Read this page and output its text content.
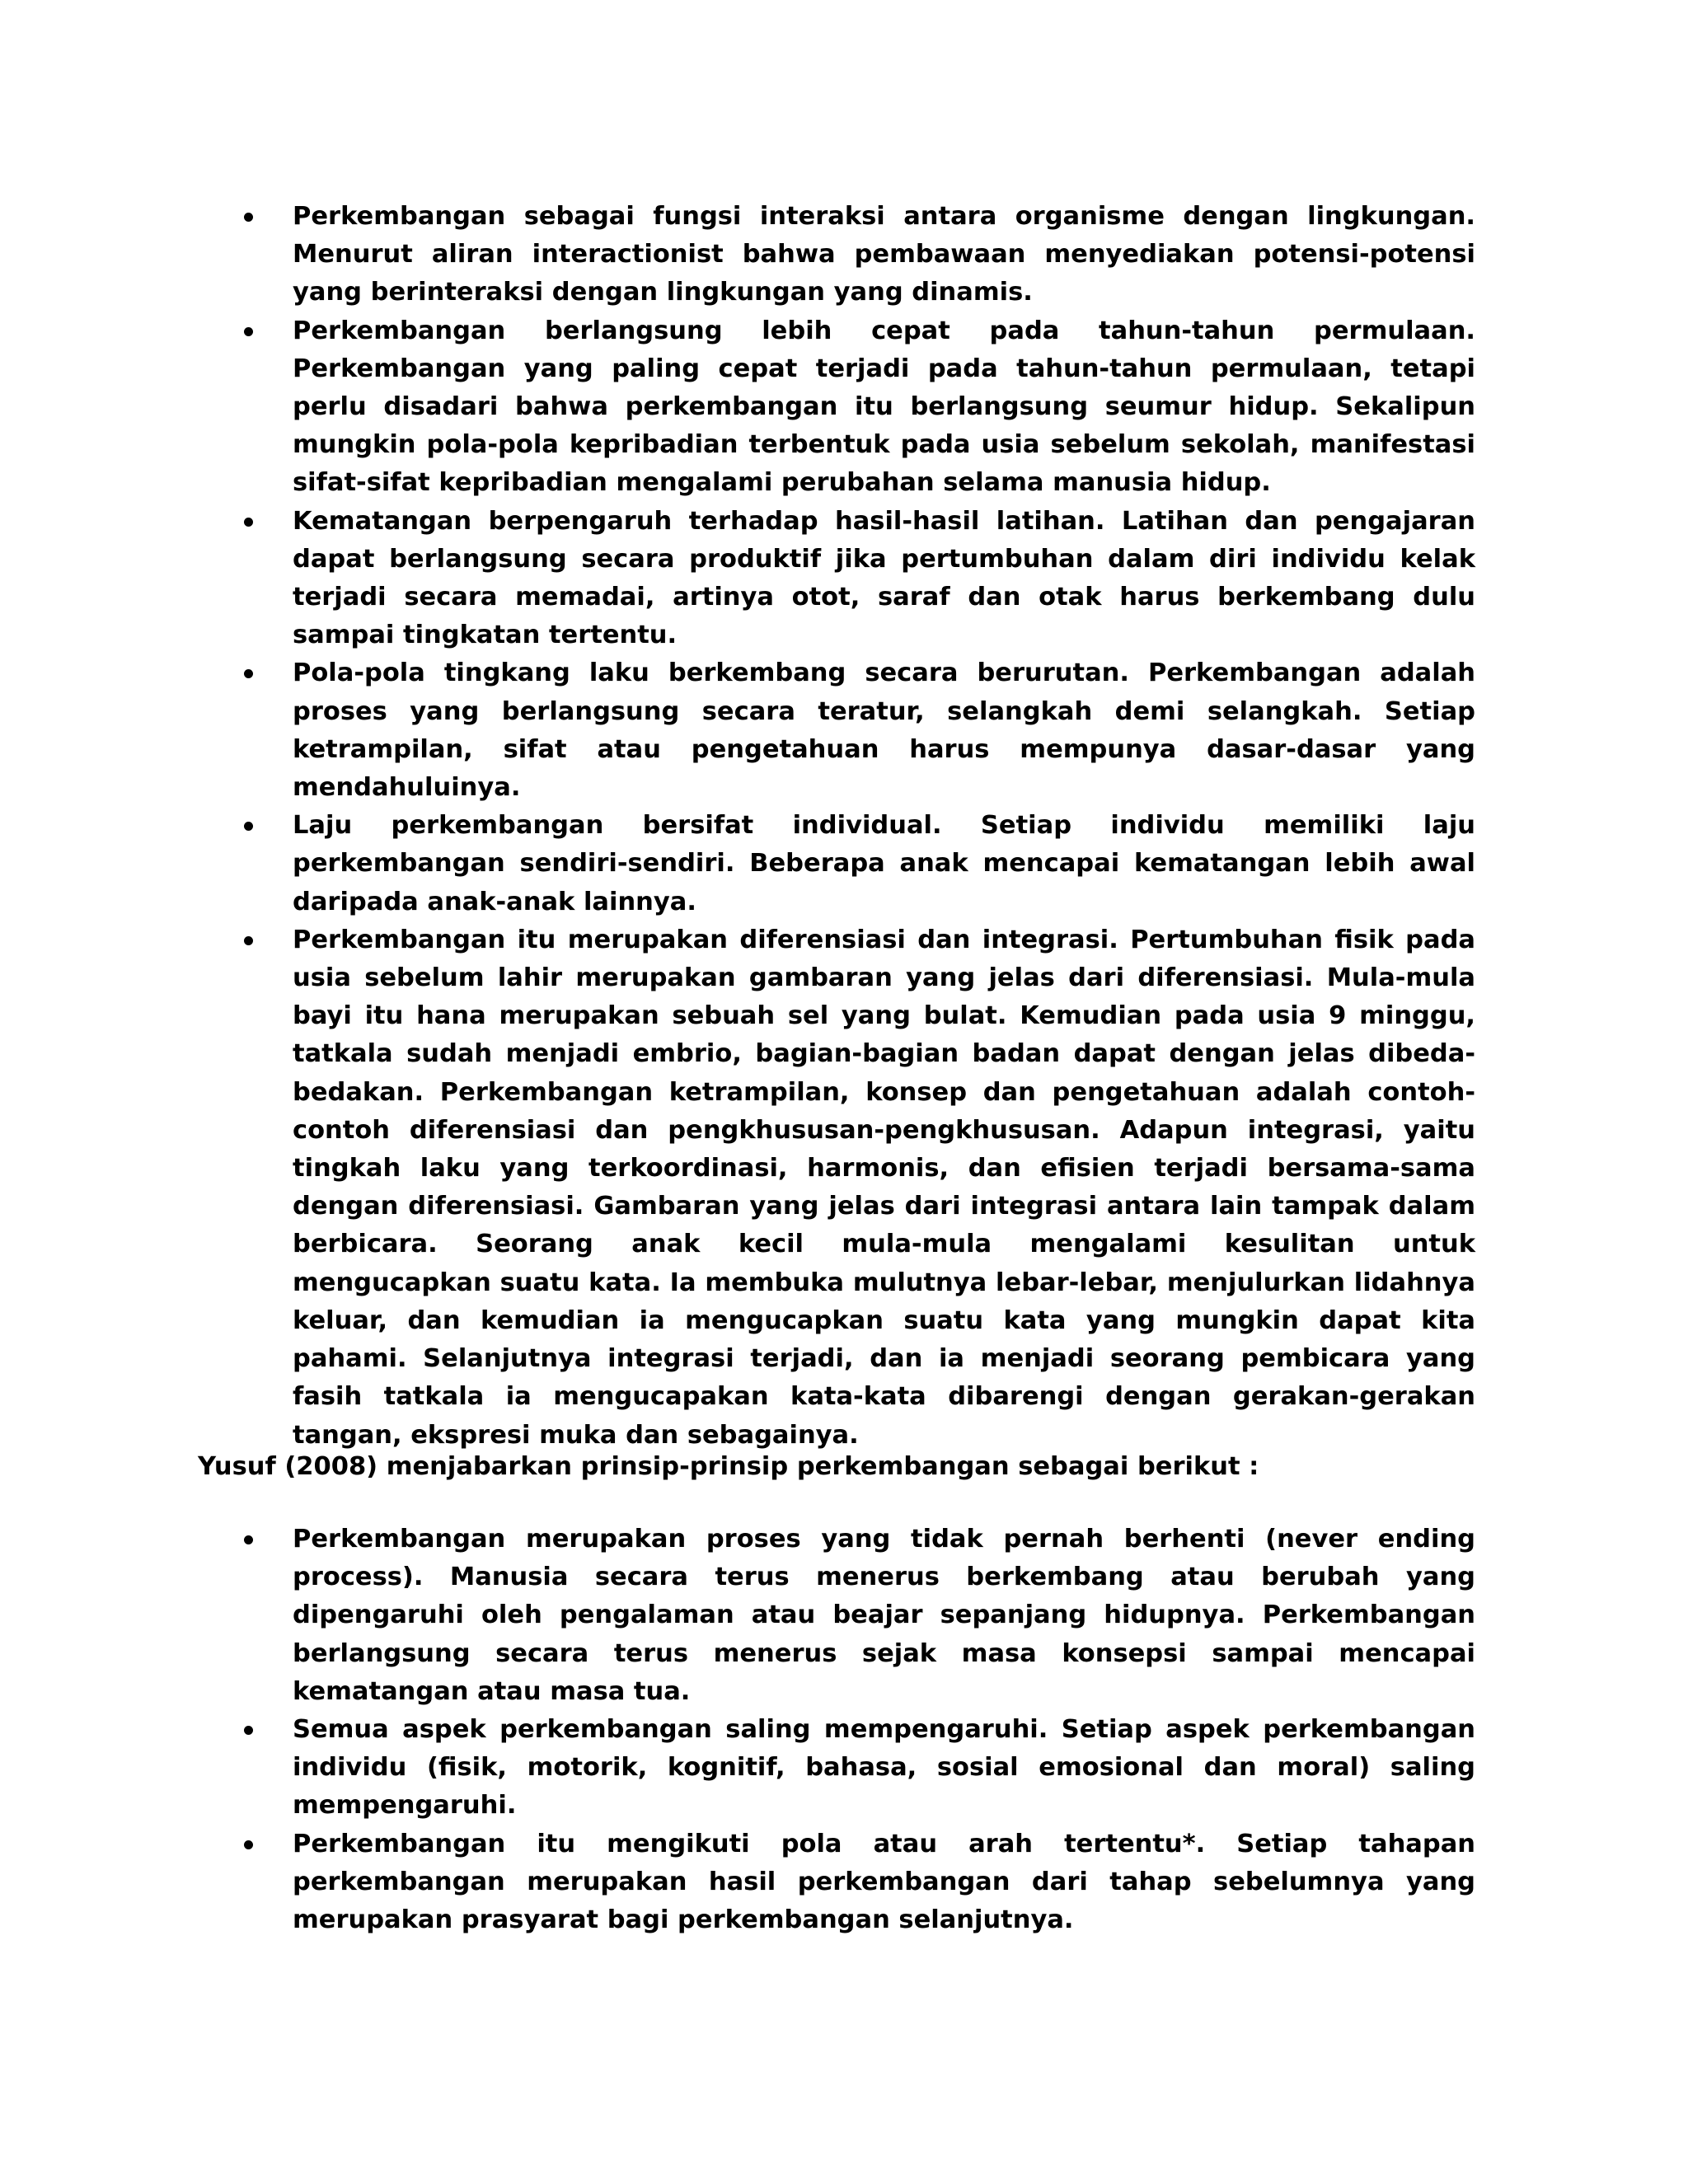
Perkembangan sebagai fungsi interaksi antara organisme dengan lingkungan. Menurut aliran interactionist bahwa pembawaan menyediakan potensi-potensi yang berinteraksi dengan lingkungan yang dinamis.
Perkembangan berlangsung lebih cepat pada tahun-tahun permulaan. Perkembangan yang paling cepat terjadi pada tahun-tahun permulaan, tetapi perlu disadari bahwa perkembangan itu berlangsung seumur hidup. Sekalipun mungkin pola-pola kepribadian terbentuk pada usia sebelum sekolah, manifestasi sifat-sifat kepribadian mengalami perubahan selama manusia hidup.
Kematangan berpengaruh terhadap hasil-hasil latihan. Latihan dan pengajaran dapat berlangsung secara produktif jika pertumbuhan dalam diri individu kelak terjadi secara memadai, artinya otot, saraf dan otak harus berkembang dulu sampai tingkatan tertentu.
Pola-pola tingkang laku berkembang secara berurutan. Perkembangan adalah proses yang berlangsung secara teratur, selangkah demi selangkah. Setiap ketrampilan, sifat atau pengetahuan harus mempunya dasar-dasar yang mendahuluinya.
Laju perkembangan bersifat individual. Setiap individu memiliki laju perkembangan sendiri-sendiri. Beberapa anak mencapai kematangan lebih awal daripada anak-anak lainnya.
Perkembangan itu merupakan diferensiasi dan integrasi. Pertumbuhan fisik pada usia sebelum lahir merupakan gambaran yang jelas dari diferensiasi. Mula-mula bayi itu hana merupakan sebuah sel yang bulat. Kemudian pada usia 9 minggu, tatkala sudah menjadi embrio, bagian-bagian badan dapat dengan jelas dibeda-bedakan. Perkembangan ketrampilan, konsep dan pengetahuan adalah contoh-contoh diferensiasi dan pengkhususan-pengkhususan. Adapun integrasi, yaitu tingkah laku yang terkoordinasi, harmonis, dan efisien terjadi bersama-sama dengan diferensiasi. Gambaran yang jelas dari integrasi antara lain tampak dalam berbicara. Seorang anak kecil mula-mula mengalami kesulitan untuk mengucapkan suatu kata. Ia membuka mulutnya lebar-lebar, menjulurkan lidahnya keluar, dan kemudian ia mengucapkan suatu kata yang mungkin dapat kita pahami. Selanjutnya integrasi terjadi, dan ia menjadi seorang pembicara yang fasih tatkala ia mengucapakan kata-kata dibarengi dengan gerakan-gerakan tangan, ekspresi muka dan sebagainya.

Yusuf (2008) menjabarkan prinsip-prinsip perkembangan sebagai berikut :

Perkembangan merupakan proses yang tidak pernah berhenti (never ending process). Manusia secara terus menerus berkembang atau berubah yang dipengaruhi oleh pengalaman atau beajar sepanjang hidupnya. Perkembangan berlangsung secara terus menerus sejak masa konsepsi sampai mencapai kematangan atau masa tua.
Semua aspek perkembangan saling mempengaruhi. Setiap aspek perkembangan individu (fisik, motorik, kognitif, bahasa, sosial emosional dan moral) saling mempengaruhi.
Perkembangan itu mengikuti pola atau arah tertentu*. Setiap tahapan perkembangan merupakan hasil perkembangan dari tahap sebelumnya yang merupakan prasyarat bagi perkembangan selanjutnya.
